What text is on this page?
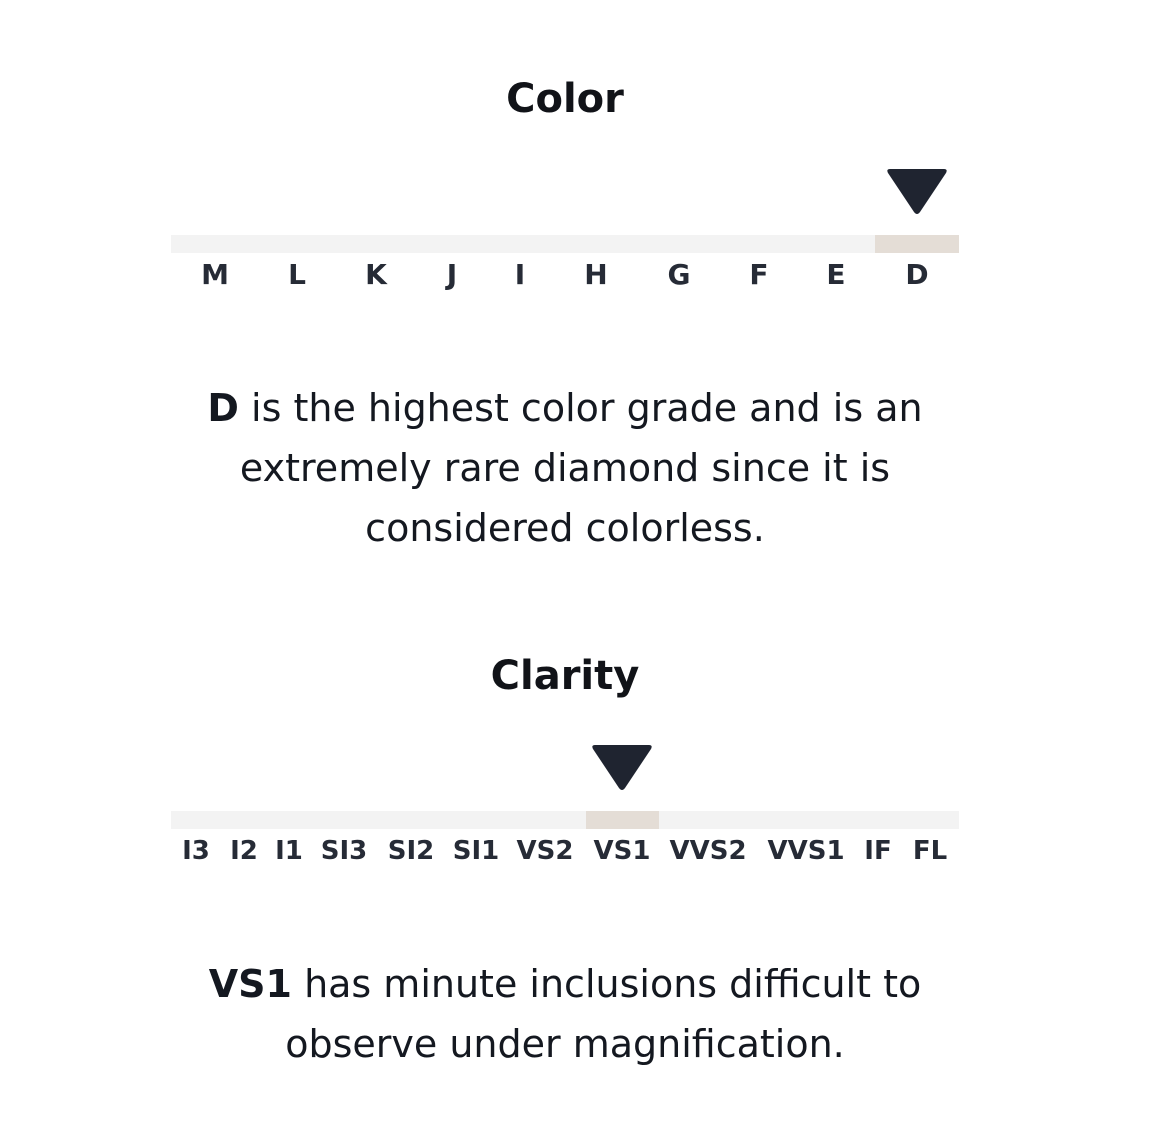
Color
M L K J I H G F E D
D is the highest color grade and is an extremely rare diamond since it is considered colorless.
Clarity
I3 I2 I1 SI3 SI2 SI1 VS2 VS1 VVS2 VVS1 IF FL
VS1 has minute inclusions difficult to observe under magnification.
